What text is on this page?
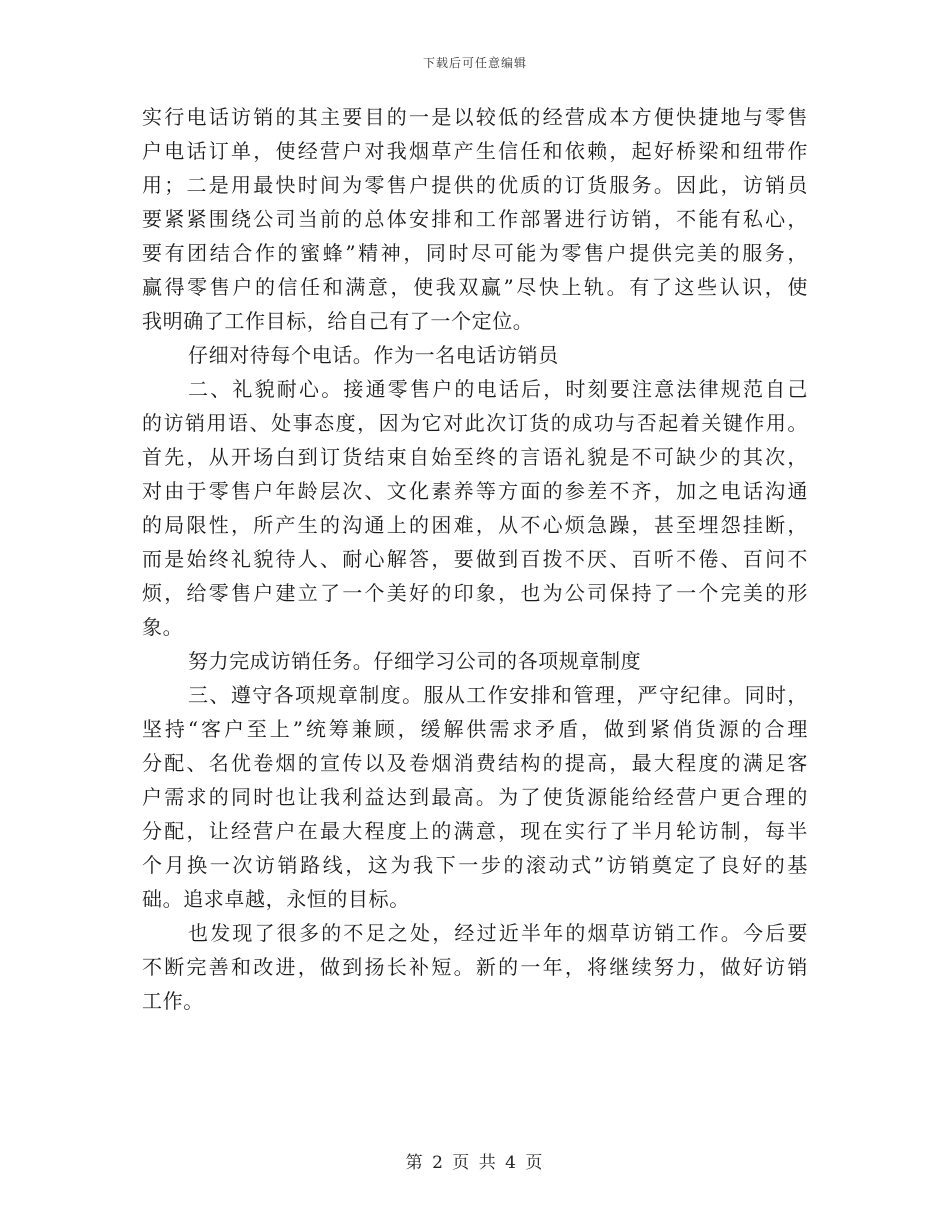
下载后可任意编辑
实行电话访销的其主要目的一是以较低的经营成本方便快捷地与零售
户电话订单，使经营户对我烟草产生信任和依赖，起好桥梁和纽带作
用；二是用最快时间为零售户提供的优质的订货服务。因此，访销员
要紧紧围绕公司当前的总体安排和工作部署进行访销，不能有私心，
要有团结合作的蜜蜂”精神，同时尽可能为零售户提供完美的服务，
赢得零售户的信任和满意，使我双赢”尽快上轨。有了这些认识，使
我明确了工作目标，给自己有了一个定位。
仔细对待每个电话。作为一名电话访销员
二、礼貌耐心。接通零售户的电话后，时刻要注意法律规范自己
的访销用语、处事态度，因为它对此次订货的成功与否起着关键作用。
首先，从开场白到订货结束自始至终的言语礼貌是不可缺少的其次，
对由于零售户年龄层次、文化素养等方面的参差不齐，加之电话沟通
的局限性，所产生的沟通上的困难，从不心烦急躁，甚至埋怨挂断，
而是始终礼貌待人、耐心解答，要做到百拨不厌、百听不倦、百问不
烦，给零售户建立了一个美好的印象，也为公司保持了一个完美的形
象。
努力完成访销任务。仔细学习公司的各项规章制度
三、遵守各项规章制度。服从工作安排和管理，严守纪律。同时，
坚持“客户至上”统筹兼顾，缓解供需求矛盾，做到紧俏货源的合理
分配、名优卷烟的宣传以及卷烟消费结构的提高，最大程度的满足客
户需求的同时也让我利益达到最高。为了使货源能给经营户更合理的
分配，让经营户在最大程度上的满意，现在实行了半月轮访制，每半
个月换一次访销路线，这为我下一步的滚动式”访销奠定了良好的基
础。追求卓越，永恒的目标。
也发现了很多的不足之处，经过近半年的烟草访销工作。今后要
不断完善和改进，做到扬长补短。新的一年，将继续努力，做好访销
工作。
第 2 页 共 4 页
